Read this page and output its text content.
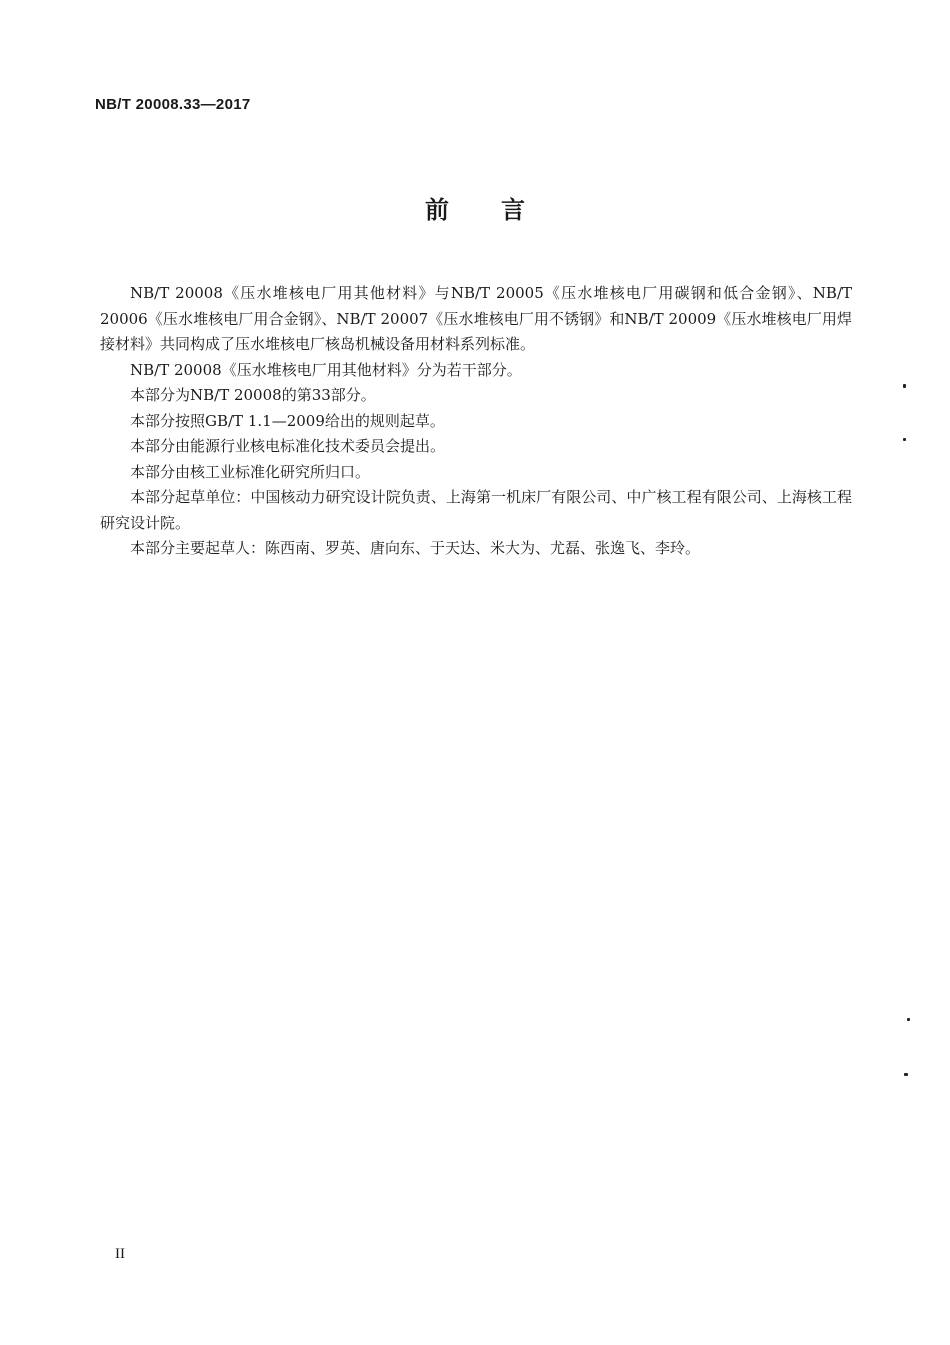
NB/T 20008.33—2017
前言

NB/T 20008《压水堆核电厂用其他材料》与NB/T 20005《压水堆核电厂用碳钢和低合金钢》、NB/T 20006《压水堆核电厂用合金钢》、NB/T 20007《压水堆核电厂用不锈钢》和NB/T 20009《压水堆核电厂用焊接材料》共同构成了压水堆核电厂核岛机械设备用材料系列标准。

NB/T 20008《压水堆核电厂用其他材料》分为若干部分。

本部分为NB/T 20008的第33部分。

本部分按照GB/T 1.1—2009给出的规则起草。

本部分由能源行业核电标准化技术委员会提出。

本部分由核工业标准化研究所归口。

本部分起草单位：中国核动力研究设计院负责、上海第一机床厂有限公司、中广核工程有限公司、上海核工程研究设计院。

本部分主要起草人：陈西南、罗英、唐向东、于天达、米大为、尤磊、张逸飞、李玲。

II
